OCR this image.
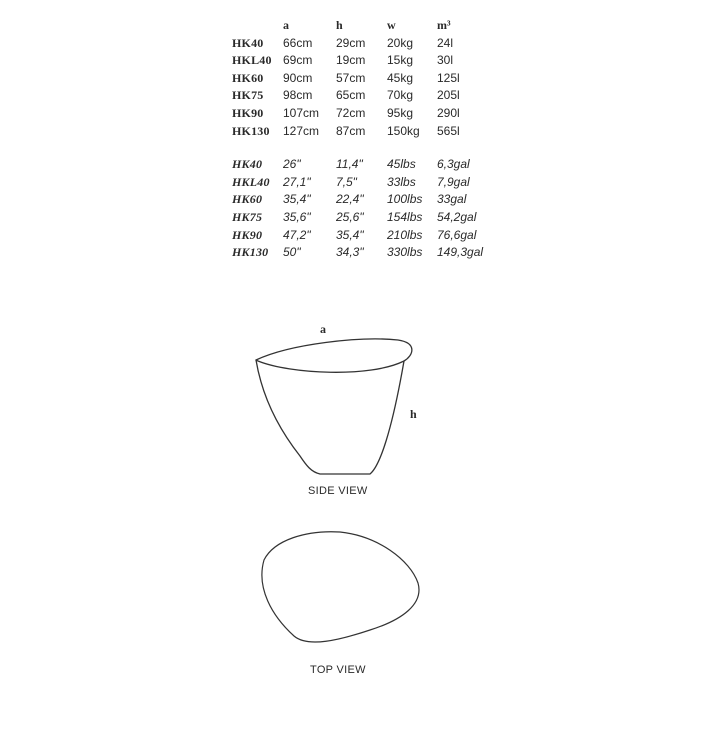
	a	h	w	m³
HK40	66cm	29cm	20kg	24l
HKL40	69cm	19cm	15kg	30l
HK60	90cm	57cm	45kg	125l
HK75	98cm	65cm	70kg	205l
HK90	107cm	72cm	95kg	290l
HK130	127cm	87cm	150kg	565l

HK40	26"	11,4"	45lbs	6,3gal
HKL40	27,1"	7,5"	33lbs	7,9gal
HK60	35,4"	22,4"	100lbs	33gal
HK75	35,6"	25,6"	154lbs	54,2gal
HK90	47,2"	35,4"	210lbs	76,6gal
HK130	50"	34,3"	330lbs	149,3gal
a
h
SIDE VIEW
TOP VIEW
